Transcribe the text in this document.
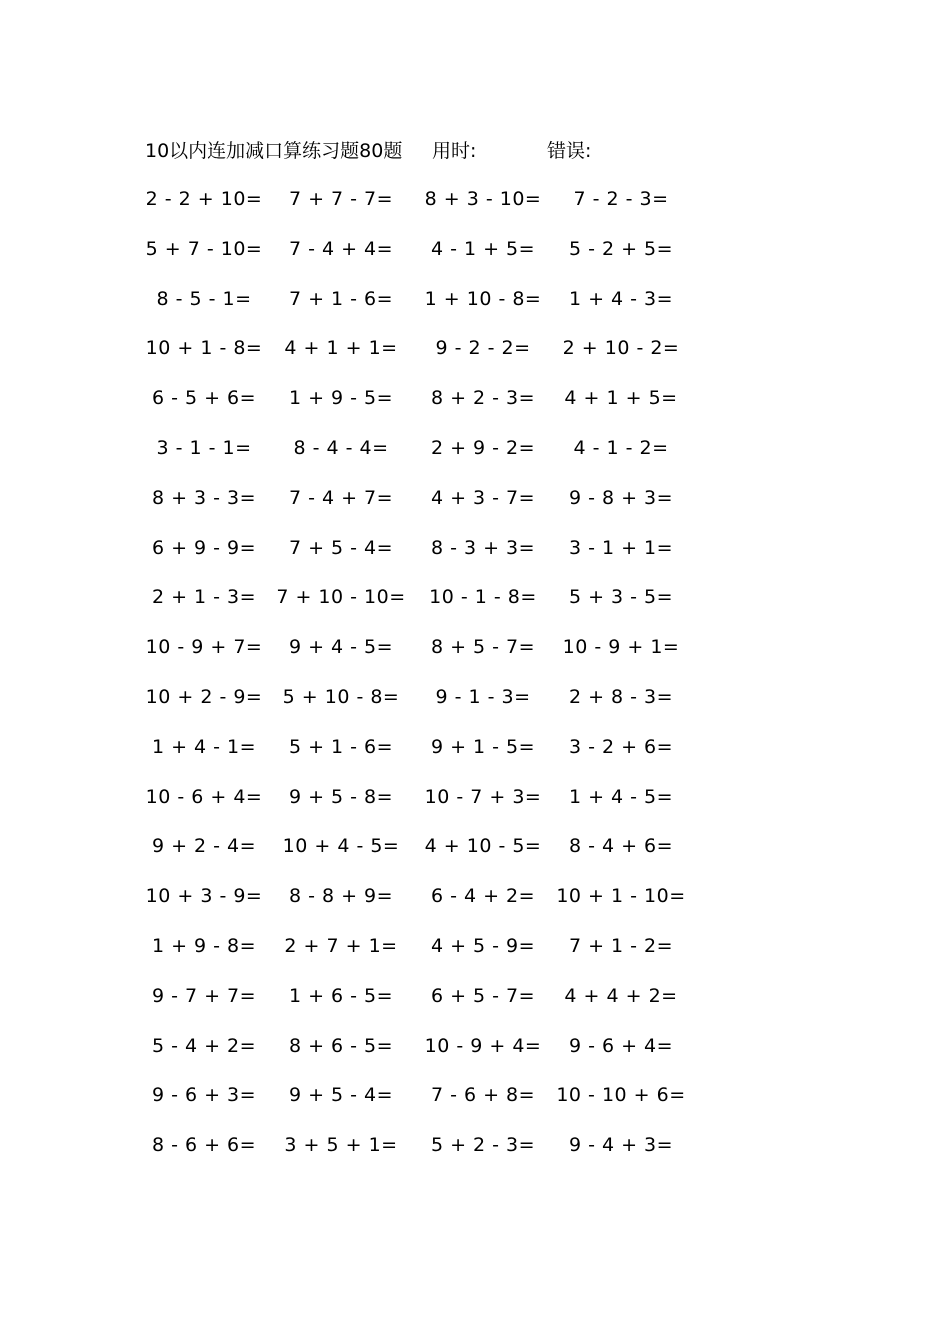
10以内连加减口算练习题80题 用时:	错误:
2 - 2 + 10=	7 + 7 - 7=	8 + 3 - 10=	7 - 2 - 3=
5 + 7 - 10=	7 - 4 + 4=	4 - 1 + 5=	5 - 2 + 5=
8 - 5 - 1=	7 + 1 - 6=	1 + 10 - 8=	1 + 4 - 3=
10 + 1 - 8=	4 + 1 + 1=	9 - 2 - 2=	2 + 10 - 2=
6 - 5 + 6=	1 + 9 - 5=	8 + 2 - 3=	4 + 1 + 5=
3 - 1 - 1=	8 - 4 - 4=	2 + 9 - 2=	4 - 1 - 2=
8 + 3 - 3=	7 - 4 + 7=	4 + 3 - 7=	9 - 8 + 3=
6 + 9 - 9=	7 + 5 - 4=	8 - 3 + 3=	3 - 1 + 1=
2 + 1 - 3=	7 + 10 - 10=	10 - 1 - 8=	5 + 3 - 5=
10 - 9 + 7=	9 + 4 - 5=	8 + 5 - 7=	10 - 9 + 1=
10 + 2 - 9=	5 + 10 - 8=	9 - 1 - 3=	2 + 8 - 3=
1 + 4 - 1=	5 + 1 - 6=	9 + 1 - 5=	3 - 2 + 6=
10 - 6 + 4=	9 + 5 - 8=	10 - 7 + 3=	1 + 4 - 5=
9 + 2 - 4=	10 + 4 - 5=	4 + 10 - 5=	8 - 4 + 6=
10 + 3 - 9=	8 - 8 + 9=	6 - 4 + 2=	10 + 1 - 10=
1 + 9 - 8=	2 + 7 + 1=	4 + 5 - 9=	7 + 1 - 2=
9 - 7 + 7=	1 + 6 - 5=	6 + 5 - 7=	4 + 4 + 2=
5 - 4 + 2=	8 + 6 - 5=	10 - 9 + 4=	9 - 6 + 4=
9 - 6 + 3=	9 + 5 - 4=	7 - 6 + 8=	10 - 10 + 6=
8 - 6 + 6=	3 + 5 + 1=	5 + 2 - 3=	9 - 4 + 3=
